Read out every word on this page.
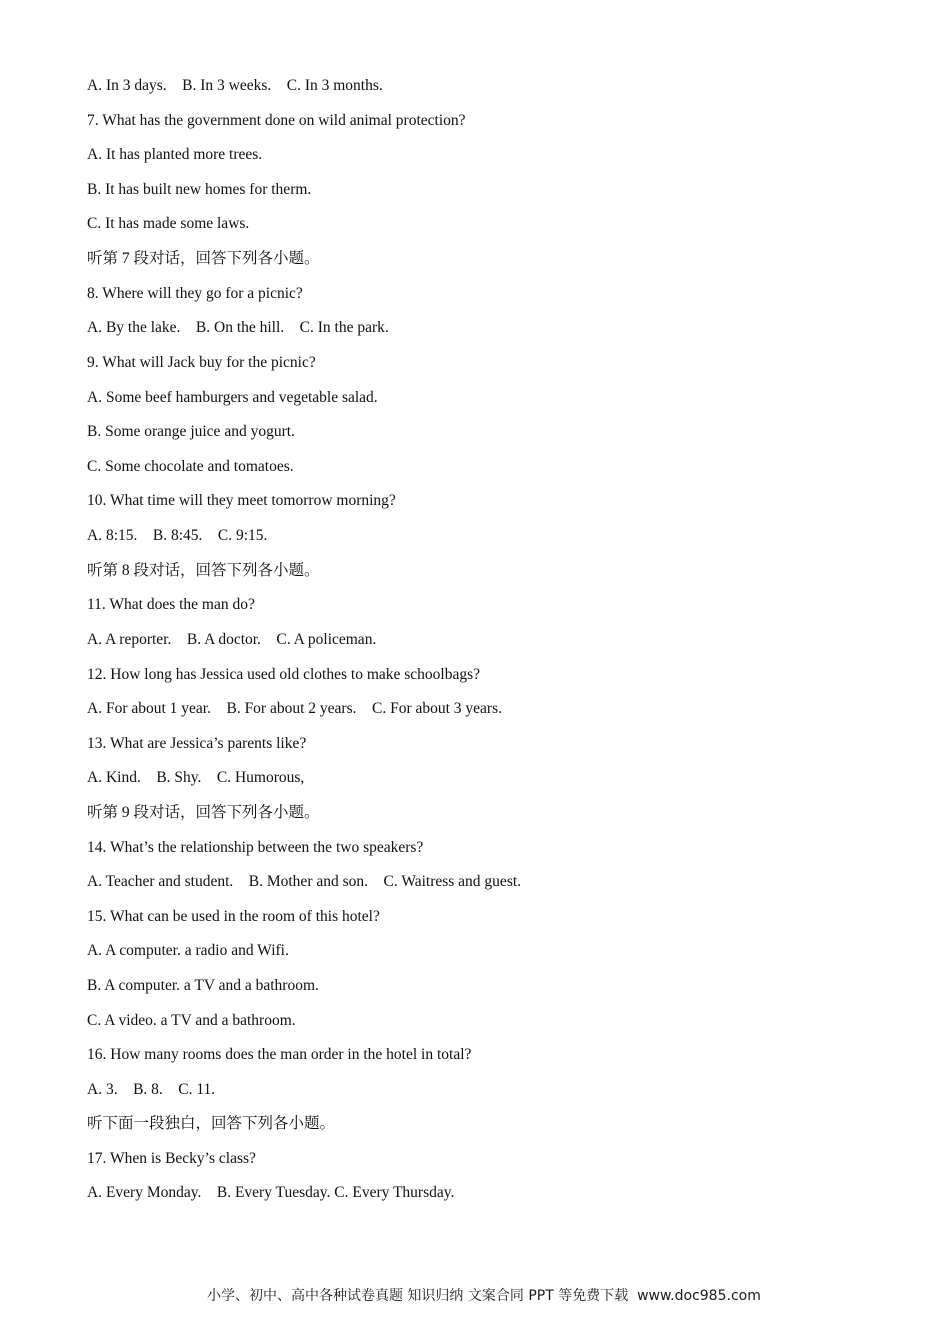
A. In 3 days.    B. In 3 weeks.    C. In 3 months.
7. What has the government done on wild animal protection?
A. It has planted more trees.
B. It has built new homes for therm.
C. It has made some laws.
听第 7 段对话，回答下列各小题。
8. Where will they go for a picnic?
A. By the lake.    B. On the hill.    C. In the park.
9. What will Jack buy for the picnic?
A. Some beef hamburgers and vegetable salad.
B. Some orange juice and yogurt.
C. Some chocolate and tomatoes.
10. What time will they meet tomorrow morning?
A. 8:15.    B. 8:45.    C. 9:15.
听第 8 段对话，回答下列各小题。
11. What does the man do?
A. A reporter.    B. A doctor.    C. A policeman.
12. How long has Jessica used old clothes to make schoolbags?
A. For about 1 year.    B. For about 2 years.    C. For about 3 years.
13. What are Jessica’s parents like?
A. Kind.    B. Shy.    C. Humorous,
听第 9 段对话，回答下列各小题。
14. What’s the relationship between the two speakers?
A. Teacher and student.    B. Mother and son.    C. Waitress and guest.
15. What can be used in the room of this hotel?
A. A computer. a radio and Wifi.
B. A computer. a TV and a bathroom.
C. A video. a TV and a bathroom.
16. How many rooms does the man order in the hotel in total?
A. 3.    B. 8.    C. 11.
听下面一段独白，回答下列各小题。
17. When is Becky’s class?
A. Every Monday.    B. Every Tuesday. C. Every Thursday.

小学、初中、高中各种试卷真题 知识归纳 文案合同 PPT 等免费下载  www.doc985.com
